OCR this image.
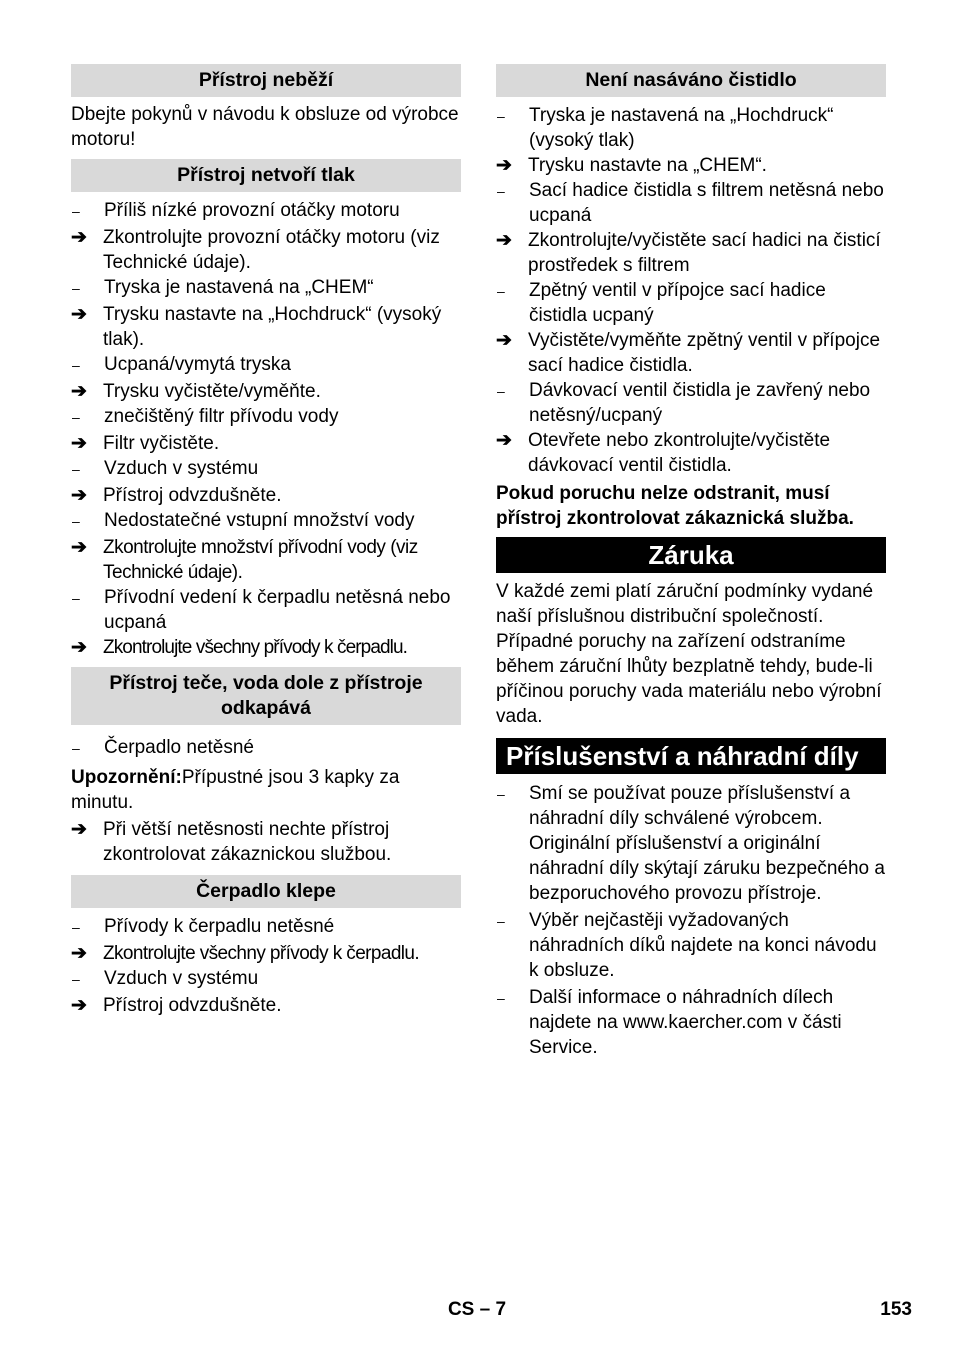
Přístroj neběží

Dbejte pokynů v návodu k obsluze od výrobce motoru!

Přístroj netvoří tlak
–	Příliš nízké provozní otáčky motoru
➔ Zkontrolujte provozní otáčky motoru (viz Technické údaje).
–	Tryska je nastavená na „CHEM“
➔ Trysku nastavte na „Hochdruck“ (vysoký tlak).
–	Ucpaná/vymytá tryska
➔ Trysku vyčistěte/vyměňte.
–	znečištěný filtr přívodu vody
➔ Filtr vyčistěte.
–	Vzduch v systému
➔ Přístroj odvzdušněte.
–	Nedostatečné vstupní množství vody
➔ Zkontrolujte množství přívodní vody (viz Technické údaje).
–	Přívodní vedení k čerpadlu netěsná nebo ucpaná
➔ Zkontrolujte všechny přívody k čerpadlu.
Přístroj teče, voda dole z přístroje odkapává
–	Čerpadlo netěsné

Upozornění:Přípustné jsou 3 kapky za minutu.

➔ Při větší netěsnosti nechte přístroj zkontrolovat zákaznickou službou.
Čerpadlo klepe
–	Přívody k čerpadlu netěsné
➔ Zkontrolujte všechny přívody k čerpadlu.
–	Vzduch v systému
➔ Přístroj odvzdušněte.
Není nasáváno čistidlo
–	Tryska je nastavená na „Hochdruck“ (vysoký tlak)
➔ Trysku nastavte na „CHEM“.
–	Sací hadice čistidla s filtrem netěsná nebo ucpaná
➔ Zkontrolujte/vyčistěte sací hadici na čisticí prostředek s filtrem
–	Zpětný ventil v přípojce sací hadice čistidla ucpaný
➔ Vyčistěte/vyměňte zpětný ventil v přípojce sací hadice čistidla.
–	Dávkovací ventil čistidla je zavřený nebo netěsný/ucpaný
➔ Otevřete nebo zkontrolujte/vyčistěte dávkovací ventil čistidla.

Pokud poruchu nelze odstranit, musí přístroj zkontrolovat zákaznická služba.

Záruka

V každé zemi platí záruční podmínky vydané naší příslušnou distribuční společností. Případné poruchy na zařízení odstraníme během záruční lhůty bezplatně tehdy, bude-li příčinou poruchy vada materiálu nebo výrobní vada.

Příslušenství a náhradní díly
–	Smí se používat pouze příslušenství a náhradní díly schválené výrobcem. Originální příslušenství a originální náhradní díly skýtají záruku bezpečného a bezporuchového provozu přístroje.
–	Výběr nejčastěji vyžadovaných náhradních díků najdete na konci návodu k obsluze.
–	Další informace o náhradních dílech najdete na www.kaercher.com v části Service.
CS – 7	153
